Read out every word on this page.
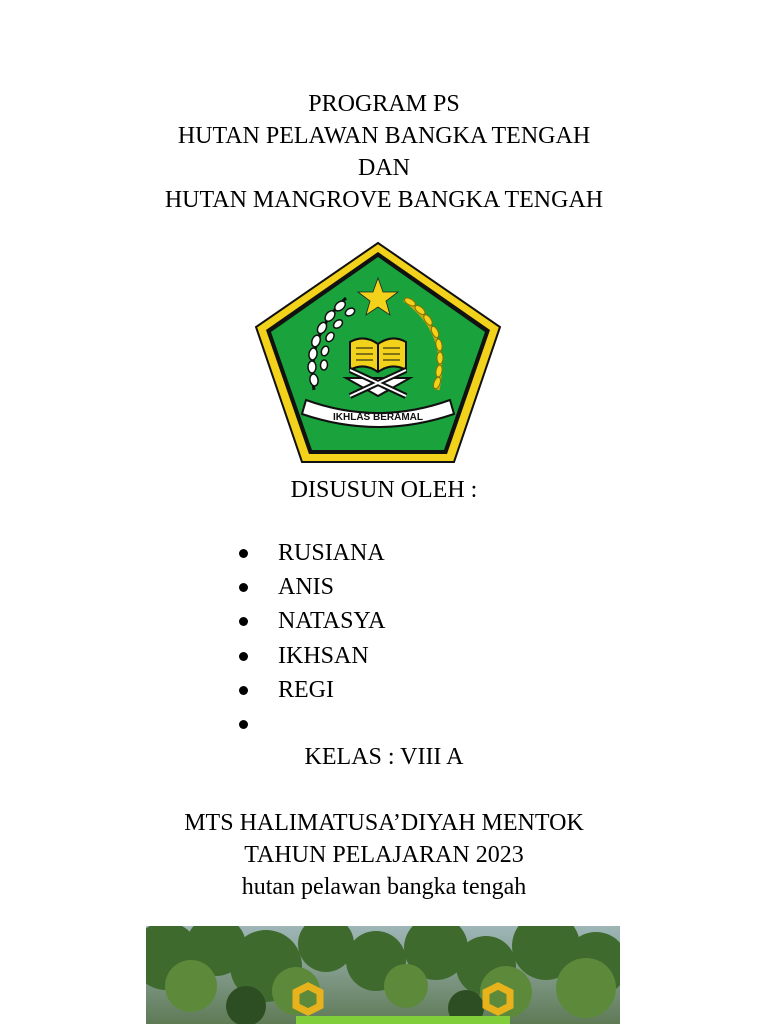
PROGRAM PS
HUTAN PELAWAN BANGKA TENGAH
DAN
HUTAN MANGROVE BANGKA TENGAH
IKHLAS BERAMAL
DISUSUN OLEH :
RUSIANA
ANIS
NATASYA
IKHSAN
REGI
KELAS : VIII A
MTS HALIMATUSA’DIYAH MENTOK
TAHUN PELAJARAN 2023
hutan pelawan bangka tengah
